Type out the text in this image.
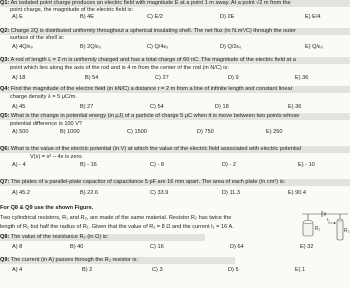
Q1: An isolated point charge produces an electric field with magnitude E at a point 1 m away. At a point √2 m from the
point charge, the magnitude of the electric field is:
A) E	B) 4E	C) E/2	D) 2E	E) E/4
Q2: Charge 2Q is distributed uniformly throughout a spherical insulating shell. The net flux (in N.m²/C) through the outer
surface of the shell is:
A) 4Q/ε₀	B) 2Q/ε₀	C) Q/4ε₀	D) Q/2ε₀	E) Q/ε₀
Q3: A rod of length L = 2 m is uniformly charged and has a total charge of 60 nC. The magnitude of the electric field at a
point which lies along the axis of the rod and is 4 m from the center of the rod (in N/C) is:
A) 18	B) 54	C) 27	D) 9	E) 36
Q4: Find the magnitude of the electric field (in kN/C) a distance r = 2 m from a line of infinite length and constant linear
charge density λ = 5 μC/m.
A) 45	B) 27	C) 54	D) 18	E) 36
Q5: What is the change in potential energy (in μJ) of a particle of charge 5 μC when it is move between two points whose
potential difference is 100 V?
A) 500	B) 1000	C) 1500	D) 750	E) 250
Q6: What is the value of the electric potential (in V) at which the value of the electric field associated with electric potential
V(x) = x² – 4x is zero.
A) - 4	B) - 16	C) - 8	D) - 2	E) - 10
Q7: The plates of a parallel-plate capacitor of capacitance 5 pF are 16 mm apart. The area of each plate (in cm²) is:
A) 45.2	B) 22.6	C) 33.9	D) 11.3	E) 90.4
For Q8 & Q9 use the shown Figure.
Two cylindrical resistors, R₁ and R₂, are made of the same material. Resistor R₂ has twice the
length of R₁ but half the radius of R₁. Given that the value of R₁ = 8 Ω and the current I₁ = 16 A.	R₁	R₂
I₁
Q8: The value of the resistance R₂ (in Ω) is:
A) 8	B) 40	C) 16	D) 64	E) 32
Q9: The current (in A) passes through the R₂ resistor is:
A) 4	B) 2	C) 3	D) 5	E) 1
